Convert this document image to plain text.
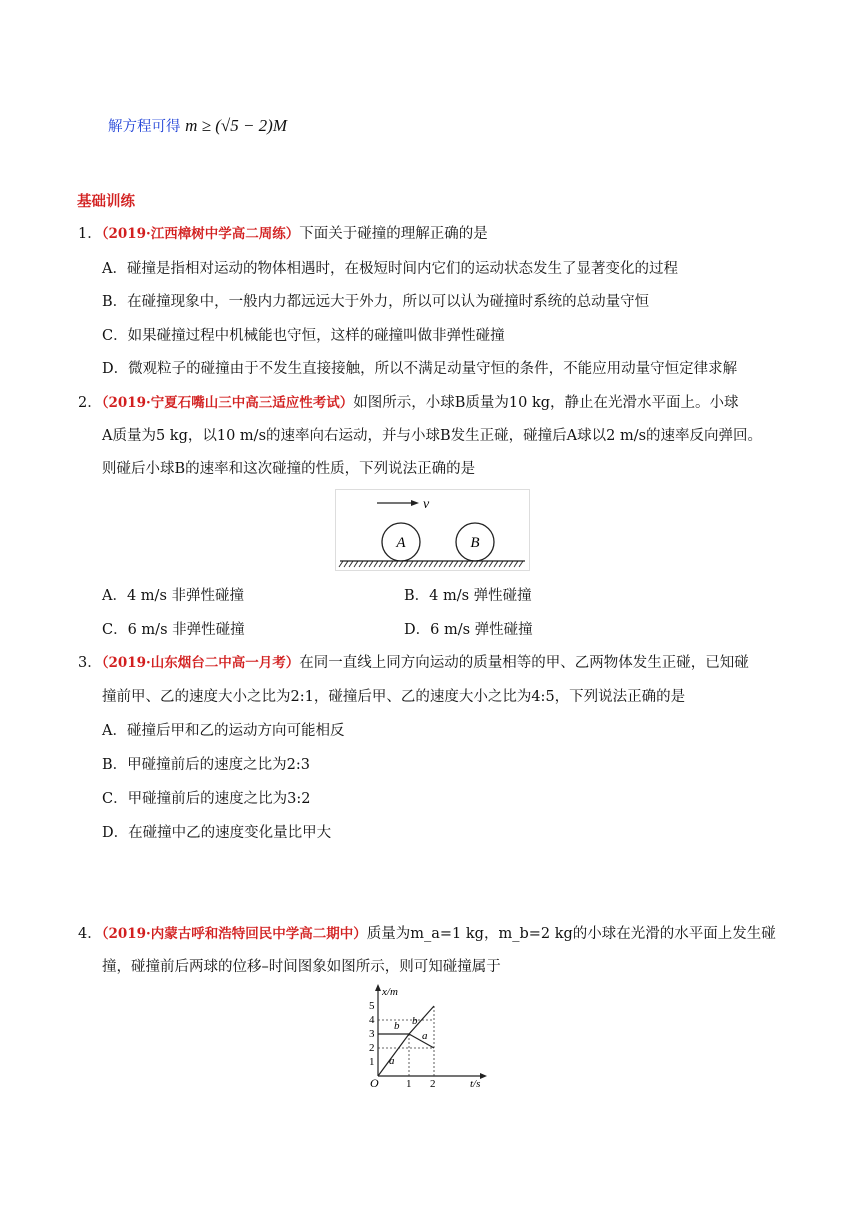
解方程可得 m ≥ (√5 − 2)M
基础训练
1．（2019·江西樟树中学高二周练）下面关于碰撞的理解正确的是
A．碰撞是指相对运动的物体相遇时，在极短时间内它们的运动状态发生了显著变化的过程
B．在碰撞现象中，一般内力都远远大于外力，所以可以认为碰撞时系统的总动量守恒
C．如果碰撞过程中机械能也守恒，这样的碰撞叫做非弹性碰撞
D．微观粒子的碰撞由于不发生直接接触，所以不满足动量守恒的条件，不能应用动量守恒定律求解
2．（2019·宁夏石嘴山三中高三适应性考试）如图所示，小球B质量为10 kg，静止在光滑水平面上。小球
A质量为5 kg，以10 m/s的速率向右运动，并与小球B发生正碰，碰撞后A球以2 m/s的速率反向弹回。
则碰后小球B的速率和这次碰撞的性质，下列说法正确的是
v
A	B
A．4 m/s 非弹性碰撞	B．4 m/s 弹性碰撞
C．6 m/s 非弹性碰撞	D．6 m/s 弹性碰撞
3．（2019·山东烟台二中高一月考）在同一直线上同方向运动的质量相等的甲、乙两物体发生正碰，已知碰
撞前甲、乙的速度大小之比为2:1，碰撞后甲、乙的速度大小之比为4:5，下列说法正确的是
A．碰撞后甲和乙的运动方向可能相反
B．甲碰撞前后的速度之比为2:3
C．甲碰撞前后的速度之比为3:2
D．在碰撞中乙的速度变化量比甲大
4．（2019·内蒙古呼和浩特回民中学高二期中）质量为m_a=1 kg，m_b=2 kg的小球在光滑的水平面上发生碰
撞，碰撞前后两球的位移–时间图象如图所示，则可知碰撞属于
x/m
t/s
O
1
2
3
4
5
1 2
a
b b
a
